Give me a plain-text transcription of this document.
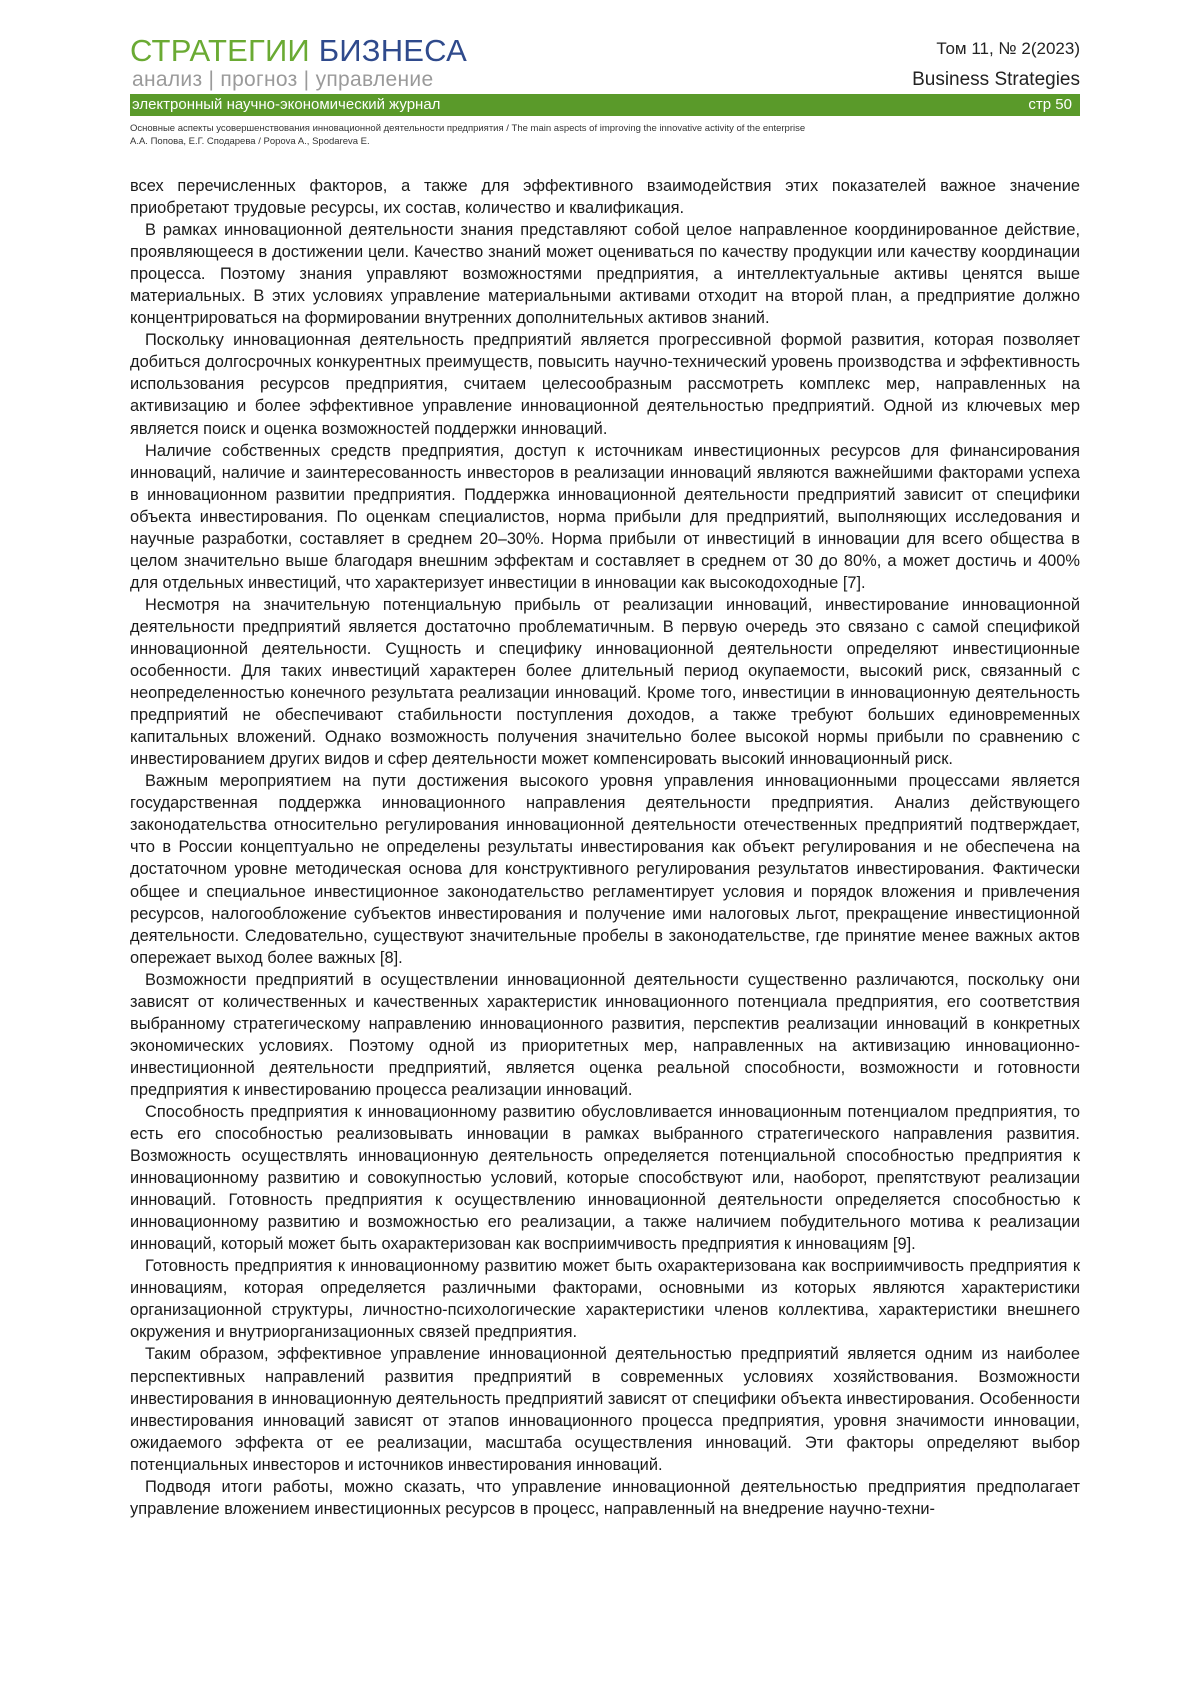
СТРАТЕГИИ БИЗНЕСА
анализ | прогноз | управление
Том 11, № 2(2023)
Business Strategies
электронный научно-экономический журнал	стр 50
Основные аспекты усовершенствования инновационной деятельности предприятия / The main aspects of improving the innovative activity of the enterprise
А.А. Попова, Е.Г. Сподарева / Popova A., Spodareva E.

всех перечисленных факторов, а также для эффективного взаимодействия этих показателей важное значение приобретают трудовые ресурсы, их состав, количество и квалификация.

В рамках инновационной деятельности знания представляют собой целое направленное координированное действие, проявляющееся в достижении цели. Качество знаний может оцениваться по качеству продукции или качеству координации процесса. Поэтому знания управляют возможностями предприятия, а интеллектуальные активы ценятся выше материальных. В этих условиях управление материальными активами отходит на второй план, а предприятие должно концентрироваться на формировании внутренних дополнительных активов знаний.

Поскольку инновационная деятельность предприятий является прогрессивной формой развития, которая позволяет добиться долгосрочных конкурентных преимуществ, повысить научно-технический уровень производства и эффективность использования ресурсов предприятия, считаем целесообразным рассмотреть комплекс мер, направленных на активизацию и более эффективное управление инновационной деятельностью предприятий. Одной из ключевых мер является поиск и оценка возможностей поддержки инноваций.

Наличие собственных средств предприятия, доступ к источникам инвестиционных ресурсов для финансирования инноваций, наличие и заинтересованность инвесторов в реализации инноваций являются важнейшими факторами успеха в инновационном развитии предприятия. Поддержка инновационной деятельности предприятий зависит от специфики объекта инвестирования. По оценкам специалистов, норма прибыли для предприятий, выполняющих исследования и научные разработки, составляет в среднем 20–30%. Норма прибыли от инвестиций в инновации для всего общества в целом значительно выше благодаря внешним эффектам и составляет в среднем от 30 до 80%, а может достичь и 400% для отдельных инвестиций, что характеризует инвестиции в инновации как высокодоходные [7].

Несмотря на значительную потенциальную прибыль от реализации инноваций, инвестирование инновационной деятельности предприятий является достаточно проблематичным. В первую очередь это связано с самой спецификой инновационной деятельности. Сущность и специфику инновационной деятельности определяют инвестиционные особенности. Для таких инвестиций характерен более длительный период окупаемости, высокий риск, связанный с неопределенностью конечного результата реализации инноваций. Кроме того, инвестиции в инновационную деятельность предприятий не обеспечивают стабильности поступления доходов, а также требуют больших единовременных капитальных вложений. Однако возможность получения значительно более высокой нормы прибыли по сравнению с инвестированием других видов и сфер деятельности может компенсировать высокий инновационный риск.

Важным мероприятием на пути достижения высокого уровня управления инновационными процессами является государственная поддержка инновационного направления деятельности предприятия. Анализ действующего законодательства относительно регулирования инновационной деятельности отечественных предприятий подтверждает, что в России концептуально не определены результаты инвестирования как объект регулирования и не обеспечена на достаточном уровне методическая основа для конструктивного регулирования результатов инвестирования. Фактически общее и специальное инвестиционное законодательство регламентирует условия и порядок вложения и привлечения ресурсов, налогообложение субъектов инвестирования и получение ими налоговых льгот, прекращение инвестиционной деятельности. Следовательно, существуют значительные пробелы в законодательстве, где принятие менее важных актов опережает выход более важных [8].

Возможности предприятий в осуществлении инновационной деятельности существенно различаются, поскольку они зависят от количественных и качественных характеристик инновационного потенциала предприятия, его соответствия выбранному стратегическому направлению инновационного развития, перспектив реализации инноваций в конкретных экономических условиях. Поэтому одной из приоритетных мер, направленных на активизацию инновационно-инвестиционной деятельности предприятий, является оценка реальной способности, возможности и готовности предприятия к инвестированию процесса реализации инноваций.

Способность предприятия к инновационному развитию обусловливается инновационным потенциалом предприятия, то есть его способностью реализовывать инновации в рамках выбранного стратегического направления развития. Возможность осуществлять инновационную деятельность определяется потенциальной способностью предприятия к инновационному развитию и совокупностью условий, которые способствуют или, наоборот, препятствуют реализации инноваций. Готовность предприятия к осуществлению инновационной деятельности определяется способностью к инновационному развитию и возможностью его реализации, а также наличием побудительного мотива к реализации инноваций, который может быть охарактеризован как восприимчивость предприятия к инновациям [9].

Готовность предприятия к инновационному развитию может быть охарактеризована как восприимчивость предприятия к инновациям, которая определяется различными факторами, основными из которых являются характеристики организационной структуры, личностно-психологические характеристики членов коллектива, характеристики внешнего окружения и внутриорганизационных связей предприятия.

Таким образом, эффективное управление инновационной деятельностью предприятий является одним из наиболее перспективных направлений развития предприятий в современных условиях хозяйствования. Возможности инвестирования в инновационную деятельность предприятий зависят от специфики объекта инвестирования. Особенности инвестирования инноваций зависят от этапов инновационного процесса предприятия, уровня значимости инновации, ожидаемого эффекта от ее реализации, масштаба осуществления инноваций. Эти факторы определяют выбор потенциальных инвесторов и источников инвестирования инноваций.

Подводя итоги работы, можно сказать, что управление инновационной деятельностью предприятия предполагает управление вложением инвестиционных ресурсов в процесс, направленный на внедрение научно-техни-
